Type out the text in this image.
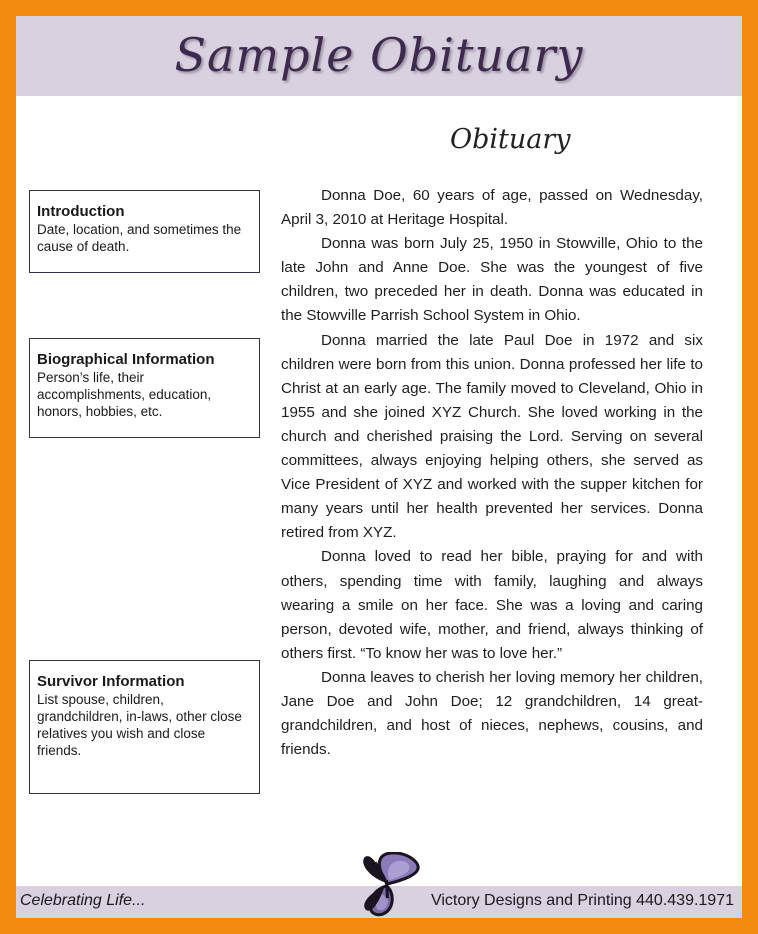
Sample Obituary
Obituary
Introduction
Date, location, and sometimes the cause of death.
Biographical Information
Person’s life, their accomplishments, education, honors, hobbies, etc.
Survivor Information
List spouse, children, grandchildren, in-laws, other close relatives you wish and close friends.

Donna Doe, 60 years of age, passed on Wednesday, April 3, 2010 at Heritage Hospital.

Donna was born July 25, 1950 in Stowville, Ohio to the late John and Anne Doe. She was the youngest of five children, two preceded her in death. Donna was educated in the Stowville Parrish School System in Ohio.

Donna married the late Paul Doe in 1972 and six children were born from this union. Donna professed her life to Christ at an early age. The family moved to Cleveland, Ohio in 1955 and she joined XYZ Church. She loved working in the church and cherished praising the Lord. Serving on several committees, always enjoying helping others, she served as Vice President of XYZ and worked with the supper kitchen for many years until her health prevented her services. Donna retired from XYZ.

Donna loved to read her bible, praying for and with others, spending time with family, laughing and always wearing a smile on her face. She was a loving and caring person, devoted wife, mother, and friend, always thinking of others first. “To know her was to love her.”

Donna leaves to cherish her loving memory her children, Jane Doe and John Doe; 12 grandchildren, 14 great-grandchildren, and host of nieces, nephews, cousins, and friends.

Celebrating Life...	Victory Designs and Printing 440.439.1971
